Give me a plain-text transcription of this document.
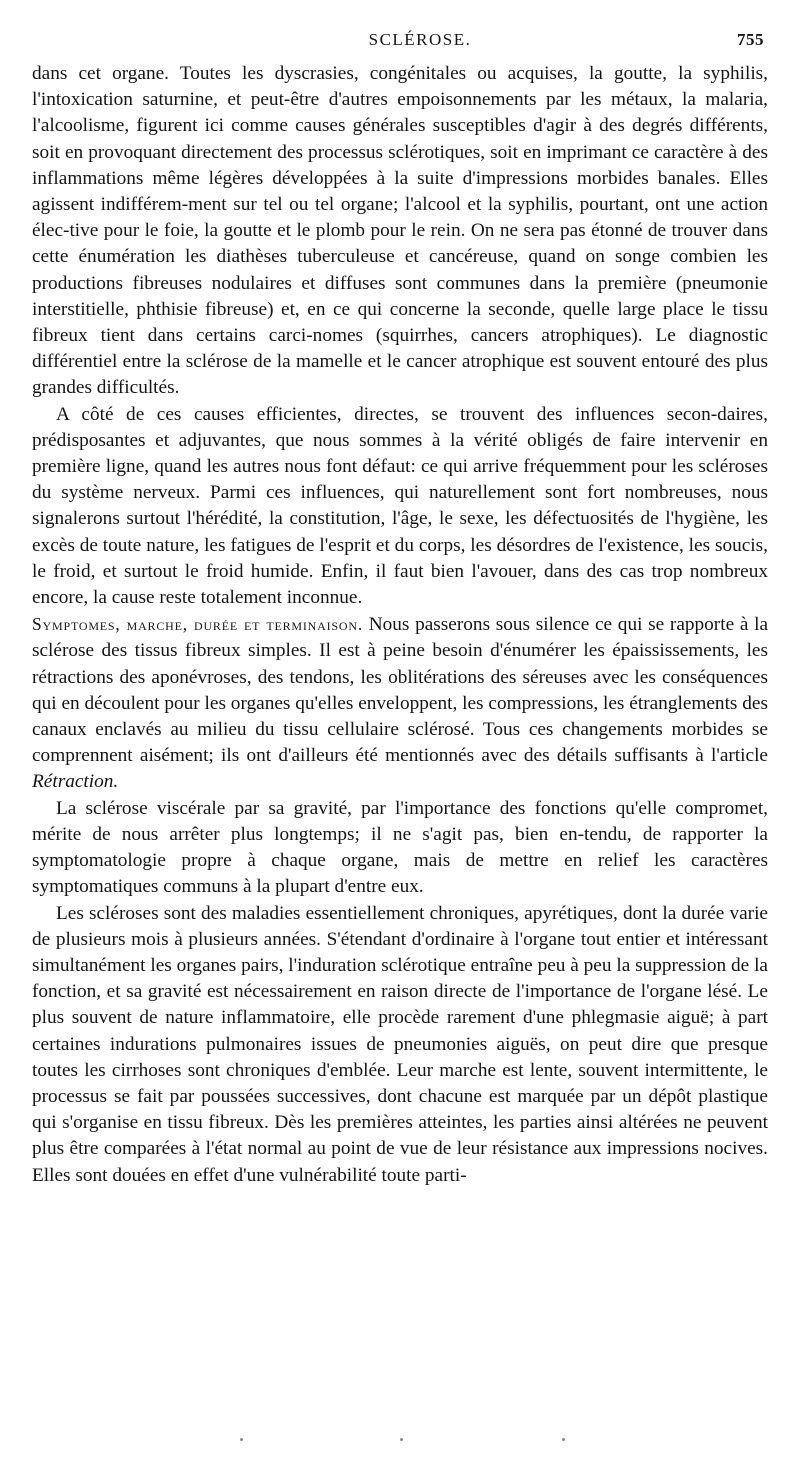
SCLÉROSE.	755

dans cet organe. Toutes les dyscrasies, congénitales ou acquises, la goutte, la syphilis, l'intoxication saturnine, et peut-être d'autres empoisonnements par les métaux, la malaria, l'alcoolisme, figurent ici comme causes générales susceptibles d'agir à des degrés différents, soit en provoquant directement des processus sclérotiques, soit en imprimant ce caractère à des inflammations même légères développées à la suite d'impressions morbides banales. Elles agissent indifférem-ment sur tel ou tel organe; l'alcool et la syphilis, pourtant, ont une action élec-tive pour le foie, la goutte et le plomb pour le rein. On ne sera pas étonné de trouver dans cette énumération les diathèses tuberculeuse et cancéreuse, quand on songe combien les productions fibreuses nodulaires et diffuses sont communes dans la première (pneumonie interstitielle, phthisie fibreuse) et, en ce qui concerne la seconde, quelle large place le tissu fibreux tient dans certains carci-nomes (squirrhes, cancers atrophiques). Le diagnostic différentiel entre la sclérose de la mamelle et le cancer atrophique est souvent entouré des plus grandes difficultés.

A côté de ces causes efficientes, directes, se trouvent des influences secon-daires, prédisposantes et adjuvantes, que nous sommes à la vérité obligés de faire intervenir en première ligne, quand les autres nous font défaut: ce qui arrive fréquemment pour les scléroses du système nerveux. Parmi ces influences, qui naturellement sont fort nombreuses, nous signalerons surtout l'hérédité, la constitution, l'âge, le sexe, les défectuosités de l'hygiène, les excès de toute nature, les fatigues de l'esprit et du corps, les désordres de l'existence, les soucis, le froid, et surtout le froid humide. Enfin, il faut bien l'avouer, dans des cas trop nombreux encore, la cause reste totalement inconnue.

Symptomes, marche, durée et terminaison. Nous passerons sous silence ce qui se rapporte à la sclérose des tissus fibreux simples. Il est à peine besoin d'énumérer les épaississements, les rétractions des aponévroses, des tendons, les oblitérations des séreuses avec les conséquences qui en découlent pour les organes qu'elles enveloppent, les compressions, les étranglements des canaux enclavés au milieu du tissu cellulaire sclérosé. Tous ces changements morbides se comprennent aisément; ils ont d'ailleurs été mentionnés avec des détails suffisants à l'article Rétraction.

La sclérose viscérale par sa gravité, par l'importance des fonctions qu'elle compromet, mérite de nous arrêter plus longtemps; il ne s'agit pas, bien en-tendu, de rapporter la symptomatologie propre à chaque organe, mais de mettre en relief les caractères symptomatiques communs à la plupart d'entre eux.

Les scléroses sont des maladies essentiellement chroniques, apyrétiques, dont la durée varie de plusieurs mois à plusieurs années. S'étendant d'ordinaire à l'organe tout entier et intéressant simultanément les organes pairs, l'induration sclérotique entraîne peu à peu la suppression de la fonction, et sa gravité est nécessairement en raison directe de l'importance de l'organe lésé. Le plus souvent de nature inflammatoire, elle procède rarement d'une phlegmasie aiguë; à part certaines indurations pulmonaires issues de pneumonies aiguës, on peut dire que presque toutes les cirrhoses sont chroniques d'emblée. Leur marche est lente, souvent intermittente, le processus se fait par poussées successives, dont chacune est marquée par un dépôt plastique qui s'organise en tissu fibreux. Dès les premières atteintes, les parties ainsi altérées ne peuvent plus être comparées à l'état normal au point de vue de leur résistance aux impressions nocives. Elles sont douées en effet d'une vulnérabilité toute parti-
